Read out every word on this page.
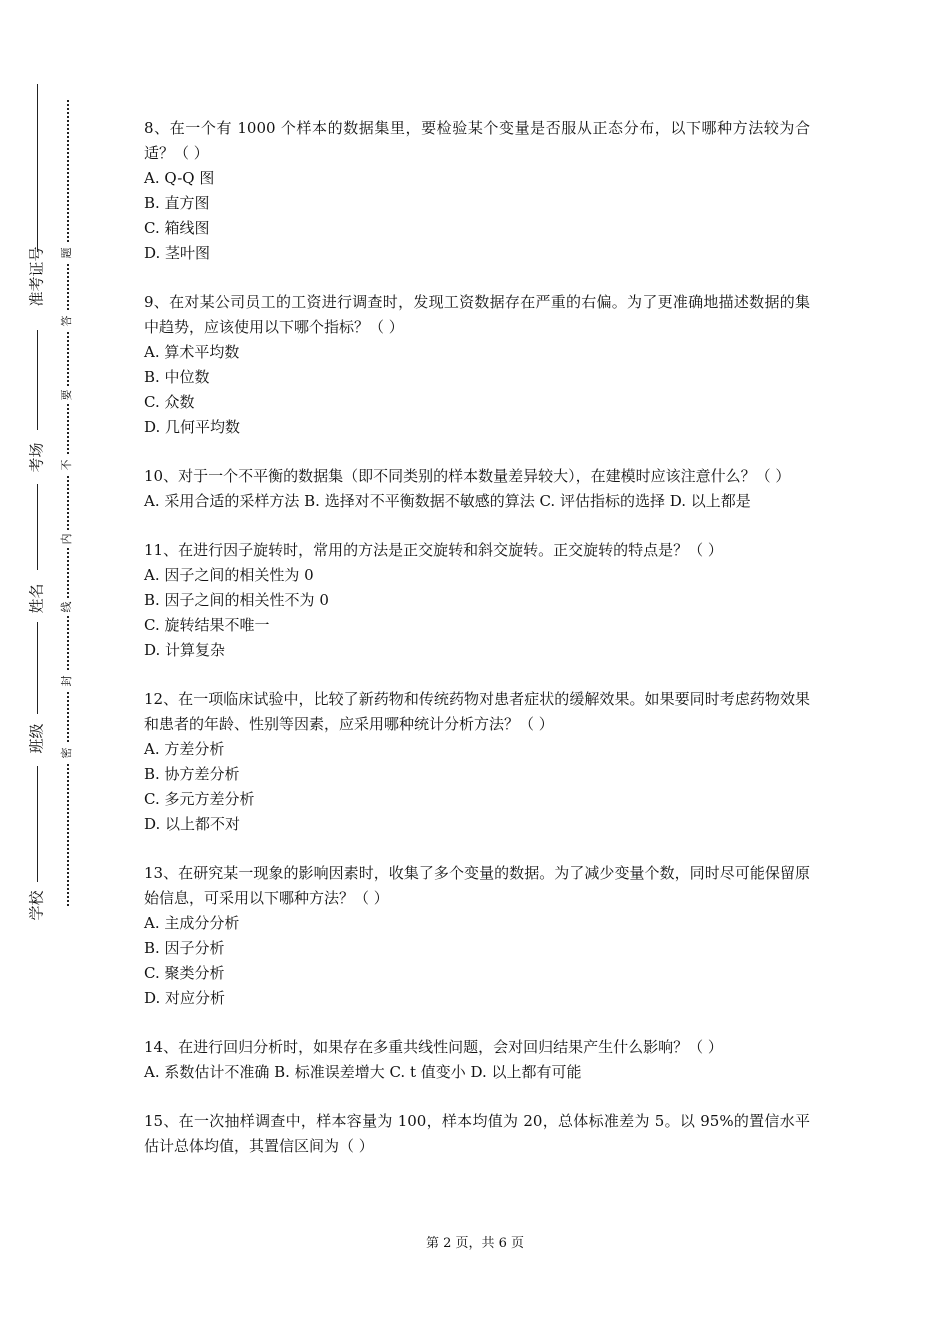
准考证号
考场
姓名
班级
学校
题
答
要
不
内
线
封
密

8、在一个有 1000 个样本的数据集里，要检验某个变量是否服从正态分布，以下哪种方法较为合适？（ ）

A. Q-Q 图

B. 直方图

C. 箱线图

D. 茎叶图

9、在对某公司员工的工资进行调查时，发现工资数据存在严重的右偏。为了更准确地描述数据的集中趋势，应该使用以下哪个指标？（ ）

A. 算术平均数

B. 中位数

C. 众数

D. 几何平均数

10、对于一个不平衡的数据集（即不同类别的样本数量差异较大），在建模时应该注意什么？（ ）

A. 采用合适的采样方法 B. 选择对不平衡数据不敏感的算法 C. 评估指标的选择 D. 以上都是

11、在进行因子旋转时，常用的方法是正交旋转和斜交旋转。正交旋转的特点是？（ ）

A. 因子之间的相关性为 0

B. 因子之间的相关性不为 0

C. 旋转结果不唯一

D. 计算复杂

12、在一项临床试验中，比较了新药物和传统药物对患者症状的缓解效果。如果要同时考虑药物效果和患者的年龄、性别等因素，应采用哪种统计分析方法？（ ）

A. 方差分析

B. 协方差分析

C. 多元方差分析

D. 以上都不对

13、在研究某一现象的影响因素时，收集了多个变量的数据。为了减少变量个数，同时尽可能保留原始信息，可采用以下哪种方法？（ ）

A. 主成分分析

B. 因子分析

C. 聚类分析

D. 对应分析

14、在进行回归分析时，如果存在多重共线性问题，会对回归结果产生什么影响？（ ）

A. 系数估计不准确 B. 标准误差增大 C. t 值变小 D. 以上都有可能

15、在一次抽样调查中，样本容量为 100，样本均值为 20，总体标准差为 5。以 95%的置信水平估计总体均值，其置信区间为（ ）

第 2 页，共 6 页
